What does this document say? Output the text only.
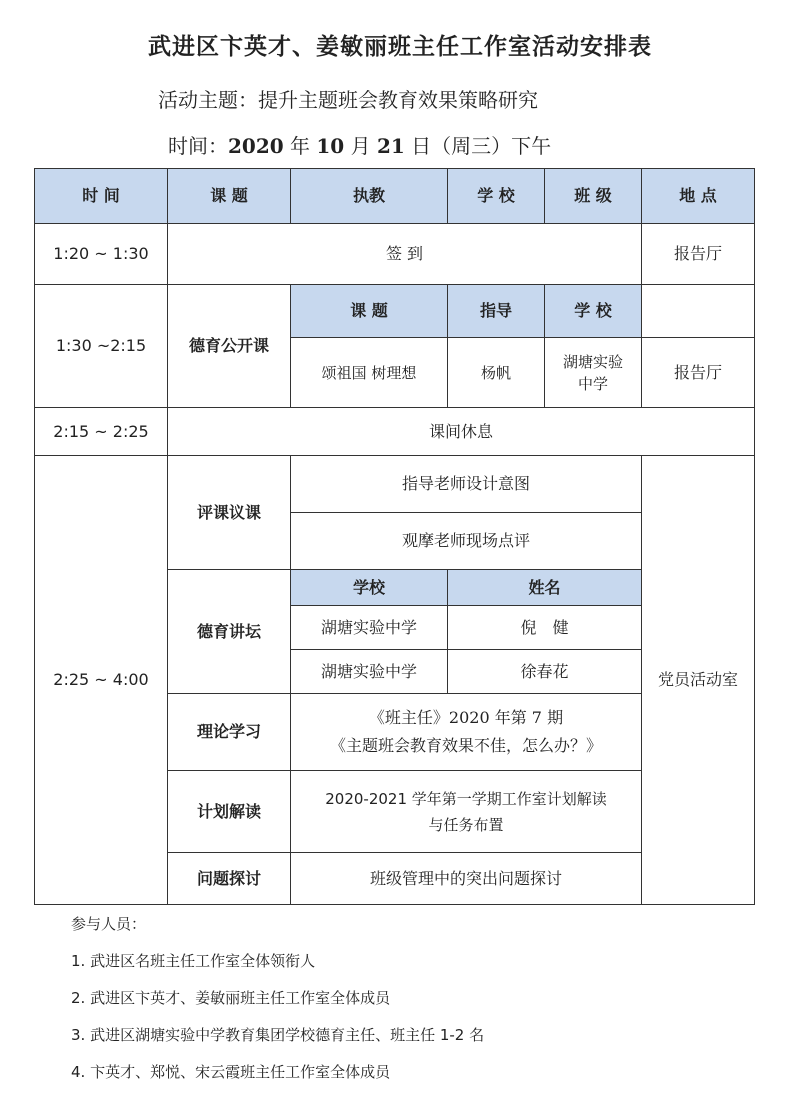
武进区卞英才、姜敏丽班主任工作室活动安排表
活动主题：提升主题班会教育效果策略研究
时间：2020 年 10 月 21 日（周三）下午
时 间	课 题	执教	学 校	班 级	地 点
1:20 ~ 1:30	签 到				报告厅
1:30 ~2:15	德育公开课	课 题	指导	学 校	
		颂祖国 树理想	杨帆	湖塘实验中学	报告厅
2:15 ~ 2:25	课间休息				
2:25 ~ 4:00	评课议课	指导老师设计意图			党员活动室
		观摩老师现场点评			
	德育讲坛	学校	姓名		
		湖塘实验中学	倪　健		
		湖塘实验中学	徐春花		
	理论学习	《班主任》2020 年第 7 期
《主题班会教育效果不佳，怎么办？》			

	计划解读	2020-2021 学年第一学期工作室计划解读
与任务布置			

	问题探讨	班级管理中的突出问题探讨			
参与人员：
1. 武进区名班主任工作室全体领衔人
2. 武进区卞英才、姜敏丽班主任工作室全体成员
3. 武进区湖塘实验中学教育集团学校德育主任、班主任 1-2 名
4. 卞英才、郑悦、宋云霞班主任工作室全体成员
